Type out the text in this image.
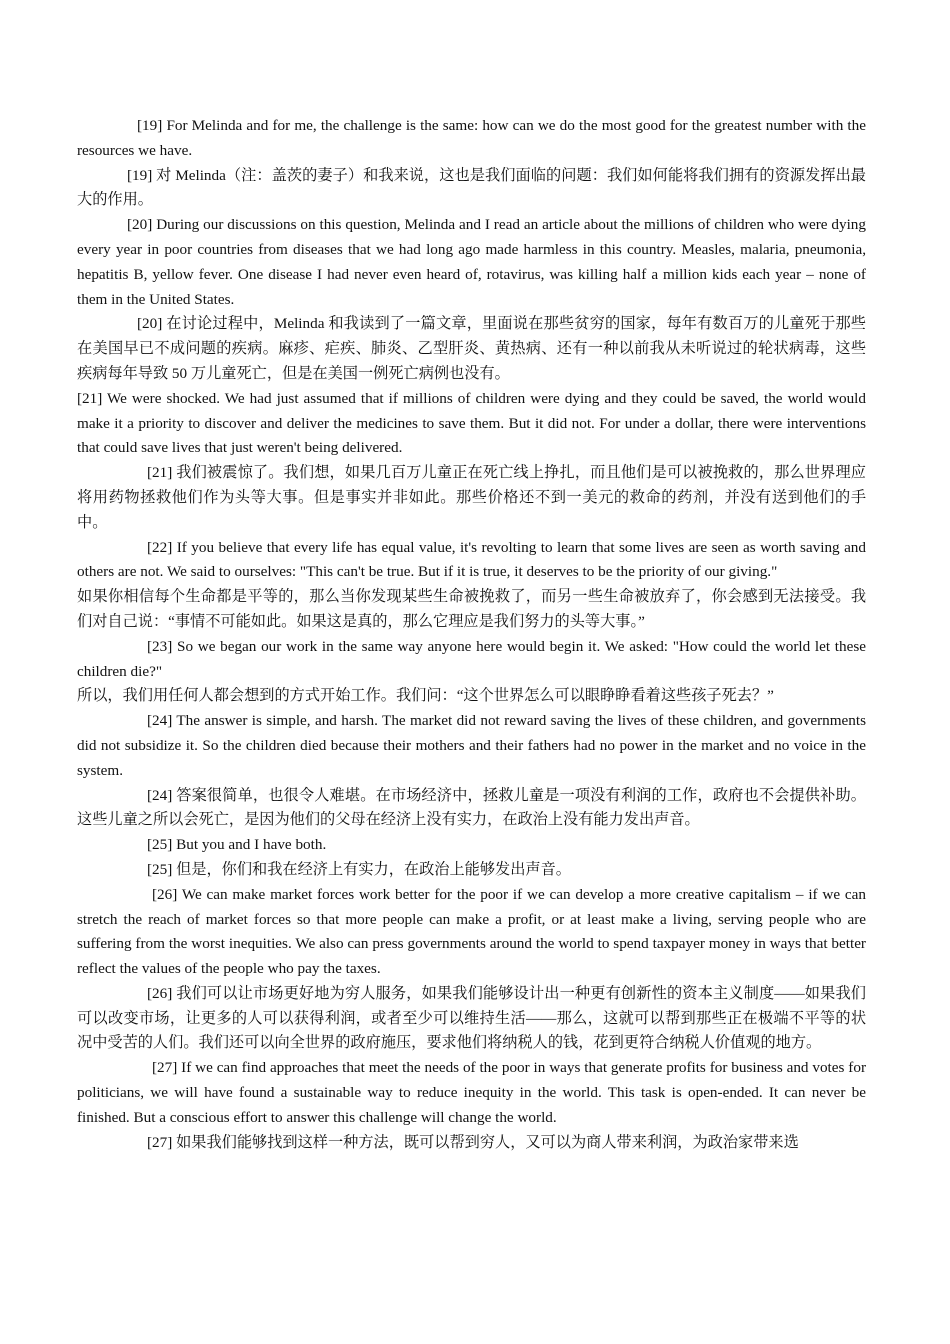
[19] For Melinda and for me, the challenge is the same: how can we do the most good for the greatest number with the resources we have.

[19] 对 Melinda（注：盖茨的妻子）和我来说，这也是我们面临的问题：我们如何能将我们拥有的资源发挥出最大的作用。

[20] During our discussions on this question, Melinda and I read an article about the millions of children who were dying every year in poor countries from diseases that we had long ago made harmless in this country. Measles, malaria, pneumonia, hepatitis B, yellow fever. One disease I had never even heard of, rotavirus, was killing half a million kids each year – none of them in the United States.

[20] 在讨论过程中，Melinda 和我读到了一篇文章，里面说在那些贫穷的国家，每年有数百万的儿童死于那些在美国早已不成问题的疾病。麻疹、疟疾、肺炎、乙型肝炎、黄热病、还有一种以前我从未听说过的轮状病毒，这些疾病每年导致 50 万儿童死亡，但是在美国一例死亡病例也没有。

[21] We were shocked. We had just assumed that if millions of children were dying and they could be saved, the world would make it a priority to discover and deliver the medicines to save them. But it did not. For under a dollar, there were interventions that could save lives that just weren't being delivered.

[21] 我们被震惊了。我们想，如果几百万儿童正在死亡线上挣扎，而且他们是可以被挽救的，那么世界理应将用药物拯救他们作为头等大事。但是事实并非如此。那些价格还不到一美元的救命的药剂，并没有送到他们的手中。

[22] If you believe that every life has equal value, it's revolting to learn that some lives are seen as worth saving and others are not. We said to ourselves: "This can't be true. But if it is true, it deserves to be the priority of our giving."

如果你相信每个生命都是平等的，那么当你发现某些生命被挽救了，而另一些生命被放弃了，你会感到无法接受。我们对自己说：“事情不可能如此。如果这是真的，那么它理应是我们努力的头等大事。”

[23] So we began our work in the same way anyone here would begin it. We asked: "How could the world let these children die?"

所以，我们用任何人都会想到的方式开始工作。我们问：“这个世界怎么可以眼睁睁看着这些孩子死去？”

[24] The answer is simple, and harsh. The market did not reward saving the lives of these children, and governments did not subsidize it. So the children died because their mothers and their fathers had no power in the market and no voice in the system.

[24] 答案很简单，也很令人难堪。在市场经济中，拯救儿童是一项没有利润的工作，政府也不会提供补助。这些儿童之所以会死亡，是因为他们的父母在经济上没有实力，在政治上没有能力发出声音。

[25] But you and I have both.

[25] 但是，你们和我在经济上有实力，在政治上能够发出声音。

[26] We can make market forces work better for the poor if we can develop a more creative capitalism – if we can stretch the reach of market forces so that more people can make a profit, or at least make a living, serving people who are suffering from the worst inequities. We also can press governments around the world to spend taxpayer money in ways that better reflect the values of the people who pay the taxes.

[26] 我们可以让市场更好地为穷人服务，如果我们能够设计出一种更有创新性的资本主义制度——如果我们可以改变市场，让更多的人可以获得利润，或者至少可以维持生活——那么，这就可以帮到那些正在极端不平等的状况中受苦的人们。我们还可以向全世界的政府施压，要求他们将纳税人的钱，花到更符合纳税人价值观的地方。

[27] If we can find approaches that meet the needs of the poor in ways that generate profits for business and votes for politicians, we will have found a sustainable way to reduce inequity in the world. This task is open-ended. It can never be finished. But a conscious effort to answer this challenge will change the world.

[27] 如果我们能够找到这样一种方法，既可以帮到穷人，又可以为商人带来利润，为政治家带来选
